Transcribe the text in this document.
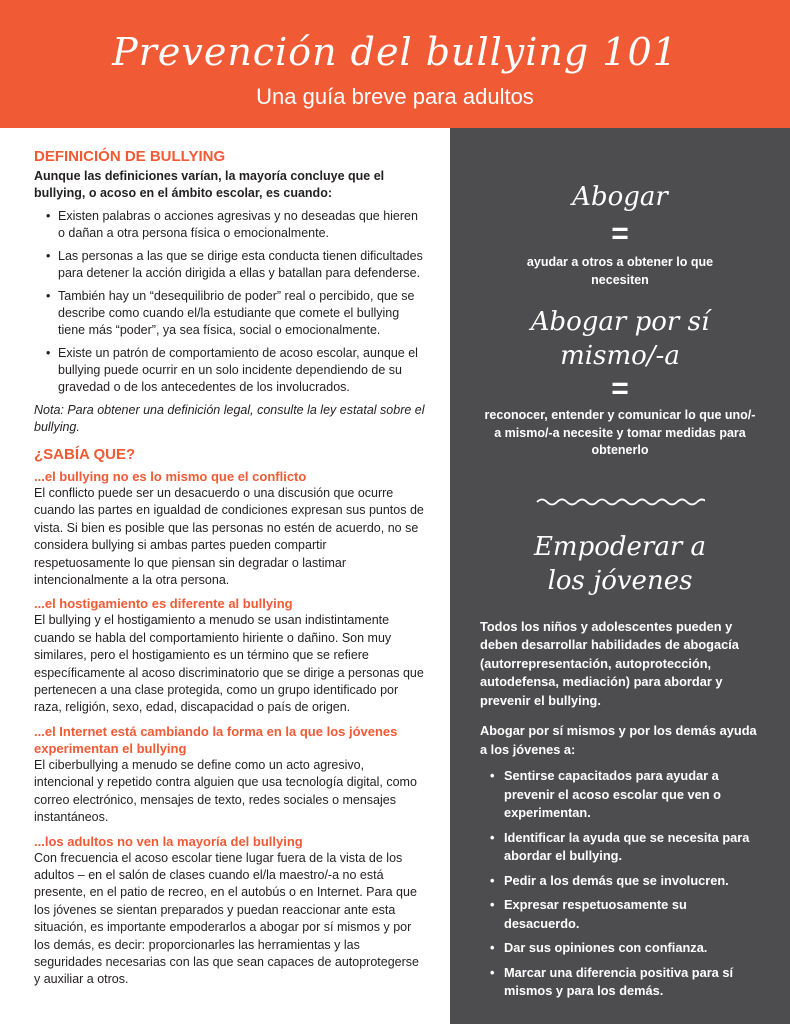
Prevención del bullying 101
Una guía breve para adultos
DEFINICIÓN DE BULLYING
Aunque las definiciones varían, la mayoría concluye que el bullying, o acoso en el ámbito escolar, es cuando:
• Existen palabras o acciones agresivas y no deseadas que hieren o dañan a otra persona física o emocionalmente.
• Las personas a las que se dirige esta conducta tienen dificultades para detener la acción dirigida a ellas y batallan para defenderse.
• También hay un “desequilibrio de poder” real o percibido, que se describe como cuando el/la estudiante que comete el bullying tiene más “poder”, ya sea física, social o emocionalmente.
• Existe un patrón de comportamiento de acoso escolar, aunque el bullying puede ocurrir en un solo incidente dependiendo de su gravedad o de los antecedentes de los involucrados.
Nota: Para obtener una definición legal, consulte la ley estatal sobre el bullying.
¿SABÍA QUE?
...el bullying no es lo mismo que el conflicto
El conflicto puede ser un desacuerdo o una discusión que ocurre cuando las partes en igualdad de condiciones expresan sus puntos de vista. Si bien es posible que las personas no estén de acuerdo, no se considera bullying si ambas partes pueden compartir respetuosamente lo que piensan sin degradar o lastimar intencionalmente a la otra persona.
...el hostigamiento es diferente al bullying
El bullying y el hostigamiento a menudo se usan indistintamente cuando se habla del comportamiento hiriente o dañino. Son muy similares, pero el hostigamiento es un término que se refiere específicamente al acoso discriminatorio que se dirige a personas que pertenecen a una clase protegida, como un grupo identificado por raza, religión, sexo, edad, discapacidad o país de origen.
...el Internet está cambiando la forma en la que los jóvenes experimentan el bullying
El ciberbullying a menudo se define como un acto agresivo, intencional y repetido contra alguien que usa tecnología digital, como correo electrónico, mensajes de texto, redes sociales o mensajes instantáneos.
...los adultos no ven la mayoría del bullying
Con frecuencia el acoso escolar tiene lugar fuera de la vista de los adultos – en el salón de clases cuando el/la maestro/-a no está presente, en el patio de recreo, en el autobús o en Internet. Para que los jóvenes se sientan preparados y puedan reaccionar ante esta situación, es importante empoderarlos a abogar por sí mismos y por los demás, es decir: proporcionarles las herramientas y las seguridades necesarias con las que sean capaces de autoprotegerse y auxiliar a otros.
Abogar
=
ayudar a otros a obtener lo que necesiten
Abogar por sí mismo/-a
=
reconocer, entender y comunicar lo que uno/-a mismo/-a necesite y tomar medidas para obtenerlo
Empoderar a los jóvenes
Todos los niños y adolescentes pueden y deben desarrollar habilidades de abogacía (autorrepresentación, autoprotección, autodefensa, mediación) para abordar y prevenir el bullying.
Abogar por sí mismos y por los demás ayuda a los jóvenes a:
• Sentirse capacitados para ayudar a prevenir el acoso escolar que ven o experimentan.
• Identificar la ayuda que se necesita para abordar el bullying.
• Pedir a los demás que se involucren.
• Expresar respetuosamente su desacuerdo.
• Dar sus opiniones con confianza.
• Marcar una diferencia positiva para sí mismos y para los demás.
